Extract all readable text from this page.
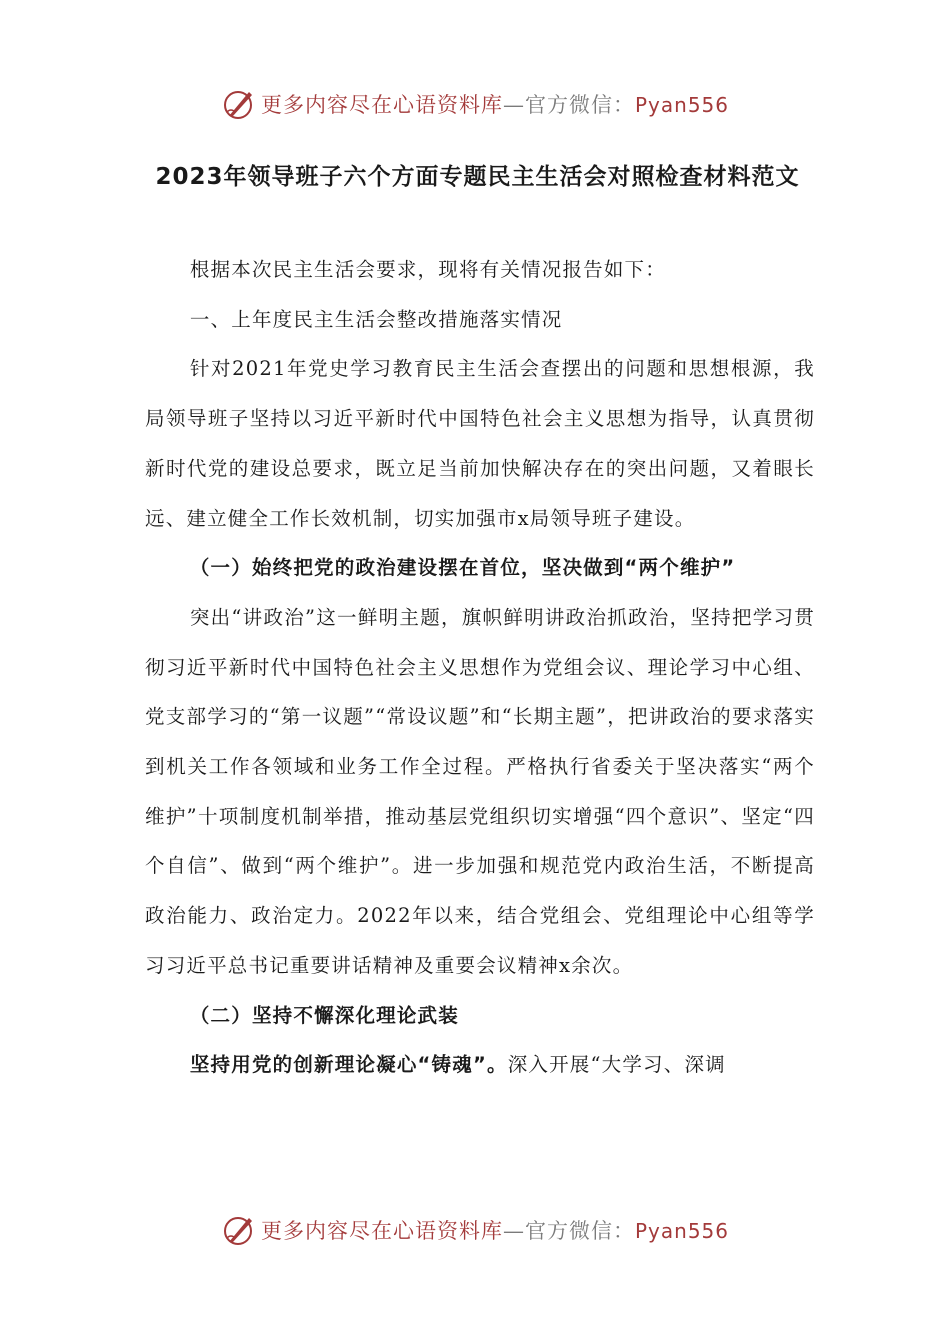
更多内容尽在心语资料库—官方微信：Pyan556
2023年领导班子六个方面专题民主生活会对照检查材料范文

根据本次民主生活会要求，现将有关情况报告如下：

一、上年度民主生活会整改措施落实情况

针对2021年党史学习教育民主生活会查摆出的问题和思想根源，我局领导班子坚持以习近平新时代中国特色社会主义思想为指导，认真贯彻新时代党的建设总要求，既立足当前加快解决存在的突出问题，又着眼长远、建立健全工作长效机制，切实加强市x局领导班子建设。

（一）始终把党的政治建设摆在首位，坚决做到“两个维护”

突出“讲政治”这一鲜明主题，旗帜鲜明讲政治抓政治，坚持把学习贯彻习近平新时代中国特色社会主义思想作为党组会议、理论学习中心组、党支部学习的“第一议题”“常设议题”和“长期主题”，把讲政治的要求落实到机关工作各领域和业务工作全过程。严格执行省委关于坚决落实“两个维护”十项制度机制举措，推动基层党组织切实增强“四个意识”、坚定“四个自信”、做到“两个维护”。进一步加强和规范党内政治生活，不断提高政治能力、政治定力。2022年以来，结合党组会、党组理论中心组等学习习近平总书记重要讲话精神及重要会议精神x余次。

（二）坚持不懈深化理论武装

坚持用党的创新理论凝心“铸魂”。深入开展“大学习、深调

更多内容尽在心语资料库—官方微信：Pyan556
